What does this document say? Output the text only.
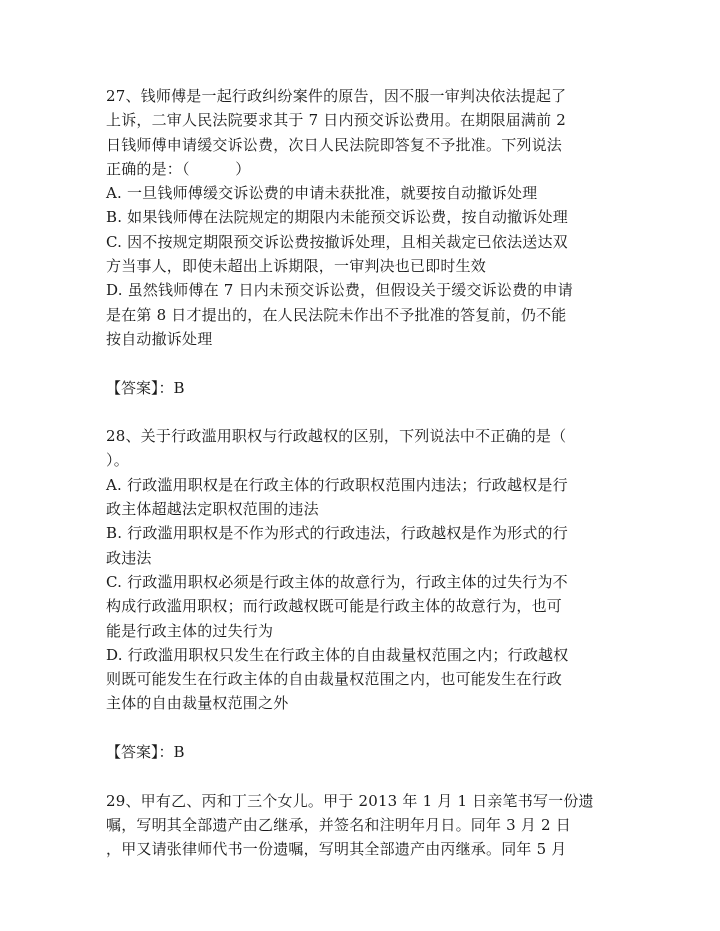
27、钱师傅是一起行政纠纷案件的原告，因不服一审判决依法提起了
上诉，二审人民法院要求其于 7 日内预交诉讼费用。在期限届满前 2
日钱师傅申请缓交诉讼费，次日人民法院即答复不予批准。下列说法
正确的是：（　　　）
A. 一旦钱师傅缓交诉讼费的申请未获批准，就要按自动撤诉处理
B. 如果钱师傅在法院规定的期限内未能预交诉讼费，按自动撤诉处理
C. 因不按规定期限预交诉讼费按撤诉处理，且相关裁定已依法送达双
方当事人，即使未超出上诉期限，一审判决也已即时生效
D. 虽然钱师傅在 7 日内未预交诉讼费，但假设关于缓交诉讼费的申请
是在第 8 日才提出的，在人民法院未作出不予批准的答复前，仍不能
按自动撤诉处理
【答案】：B
28、关于行政滥用职权与行政越权的区别，下列说法中不正确的是（
）。
A. 行政滥用职权是在行政主体的行政职权范围内违法；行政越权是行
政主体超越法定职权范围的违法
B. 行政滥用职权是不作为形式的行政违法，行政越权是作为形式的行
政违法
C. 行政滥用职权必须是行政主体的故意行为，行政主体的过失行为不
构成行政滥用职权；而行政越权既可能是行政主体的故意行为，也可
能是行政主体的过失行为
D. 行政滥用职权只发生在行政主体的自由裁量权范围之内；行政越权
则既可能发生在行政主体的自由裁量权范围之内，也可能发生在行政
主体的自由裁量权范围之外
【答案】：B
29、甲有乙、丙和丁三个女儿。甲于 2013 年 1 月 1 日亲笔书写一份遗
嘱，写明其全部遗产由乙继承，并签名和注明年月日。同年 3 月 2 日
，甲又请张律师代书一份遗嘱，写明其全部遗产由丙继承。同年 5 月
